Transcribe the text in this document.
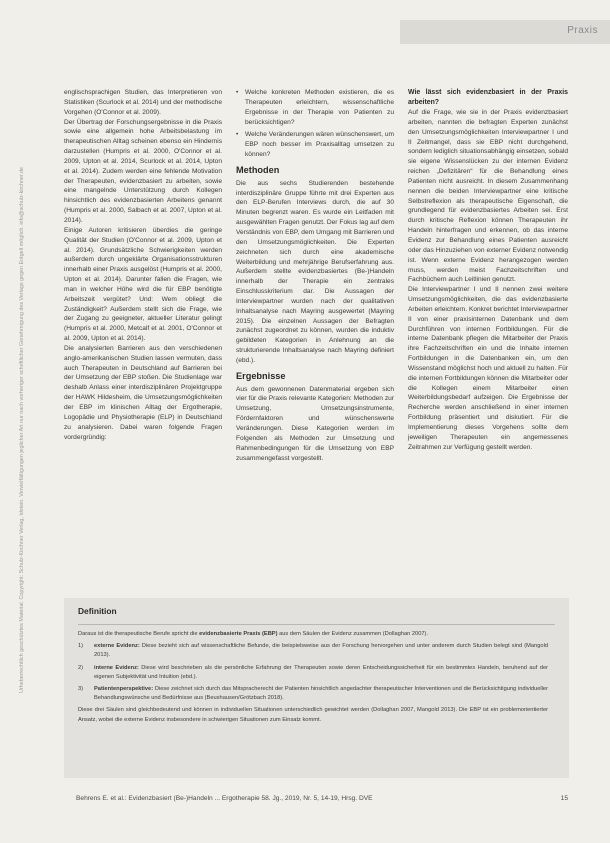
Praxis
Urheberrechtlich geschütztes Material. Copyright: Schulz-Kirchner Verlag, Idstein. Vervielfältigungen jeglicher Art nur nach vorheriger schriftlicher Genehmigung des Verlags gegen Entgelt möglich. info@schulz-kirchner.de

englischsprachigen Studien, das Interpretieren von Statistiken (Scurlock et al. 2014) und der methodische Vorgehen (O'Connor et al. 2009).

Der Übertrag der Forschungsergebnisse in die Praxis sowie eine allgemein hohe Arbeitsbelastung im therapeutischen Alltag scheinen ebenso ein Hindernis darzustellen (Humpris et al. 2000, O'Connor et al. 2009, Upton et al. 2014, Scurlock et al. 2014, Upton et al. 2014). Zudem werden eine fehlende Motivation der Therapeuten, evidenzbasiert zu arbeiten, sowie eine mangelnde Unterstützung durch Kollegen hinsichtlich des evidenzbasierten Arbeitens genannt (Humpris et al. 2000, Salbach et al. 2007, Upton et al. 2014).

Einige Autoren kritisieren überdies die geringe Qualität der Studien (O'Connor et al. 2009, Upton et al. 2014). Grundsätzliche Schwierigkeiten werden außerdem durch ungeklärte Organisationsstrukturen innerhalb einer Praxis ausgelöst (Humpris et al. 2000, Upton et al. 2014). Darunter fallen die Fragen, wie man in welcher Höhe wird die für EBP benötigte Arbeitszeit vergütet? Und: Wem obliegt die Zuständigkeit? Außerdem stellt sich die Frage, wie der Zugang zu geeigneter, aktueller Literatur gelingt (Humpris et al. 2000, Metcalf et al. 2001, O'Connor et al. 2009, Upton et al. 2014).

Die analysierten Barrieren aus den verschiedenen anglo-amerikanischen Studien lassen vermuten, dass auch Therapeuten in Deutschland auf Barrieren bei der Umsetzung der EBP stoßen. Die Studienlage war deshalb Anlass einer interdisziplinären Projektgruppe der HAWK Hildesheim, die Umsetzungsmöglichkeiten der EBP im klinischen Alltag der Ergotherapie, Logopädie und Physiotherapie (ELP) in Deutschland zu analysieren. Dabei waren folgende Fragen vordergründig:

• Welche konkreten Methoden existieren, die es Therapeuten erleichtern, wissenschaftliche Ergebnisse in der Therapie von Patienten zu berücksichtigen?
• Welche Veränderungen wären wünschenswert, um EBP noch besser im Praxisalltag umsetzen zu können?
Methoden

Die aus sechs Studierenden bestehende interdisziplinäre Gruppe führte mit drei Experten aus den ELP-Berufen Interviews durch, die auf 30 Minuten begrenzt waren. Es wurde ein Leitfaden mit ausgewählten Fragen genutzt. Der Fokus lag auf dem Verständnis von EBP, dem Umgang mit Barrieren und den Umsetzungsmöglichkeiten. Die Experten zeichneten sich durch eine akademische Weiterbildung und mehrjährige Berufserfahrung aus. Außerdem stellte evidenzbasiertes (Be-)Handeln innerhalb der Therapie ein zentrales Einschlusskriterium dar. Die Aussagen der Interviewpartner wurden nach der qualitativen Inhaltsanalyse nach Mayring ausgewertet (Mayring 2015). Die einzelnen Aussagen der Befragten zunächst zugeordnet zu können, wurden die induktiv gebildeten Kategorien in Anlehnung an die strukturierende Inhaltsanalyse nach Mayring definiert (ebd.).

Ergebnisse

Aus dem gewonnenen Datenmaterial ergeben sich vier für die Praxis relevante Kategorien: Methoden zur Umsetzung, Umsetzungsinstrumente, Fördernfaktoren und wünschenswerte Veränderungen. Diese Kategorien werden im Folgenden als Methoden zur Umsetzung und Rahmenbedingungen für die Umsetzung von EBP zusammengefasst vorgestellt.

Wie lässt sich evidenzbasiert in der Praxis arbeiten?

Auf die Frage, wie sie in der Praxis evidenzbasiert arbeiten, nannten die befragten Experten zunächst den Umsetzungsmöglichkeiten Interviewpartner I und II Zeitmangel, dass sie EBP nicht durchgehend, sondern lediglich situationsabhängig einsetzen, sobald sie eigene Wissenslücken zu der internen Evidenz reichen „Defizitären“ für die Behandlung eines Patienten nicht ausreicht. In diesem Zusammenhang nennen die beiden Interviewpartner eine kritische Selbstreflexion als therapeutische Eigenschaft, die grundlegend für evidenzbasiertes Arbeiten sei. Erst durch kritische Reflexion können Therapeuten ihr Handeln hinterfragen und erkennen, ob das interne Evidenz zur Behandlung eines Patienten ausreicht oder das Hinzuziehen von externer Evidenz notwendig ist. Wenn externe Evidenz herangezogen werden muss, werden meist Fachzeitschriften und Fachbüchern auch Leitlinien genutzt.

Die Interviewpartner I und II nennen zwei weitere Umsetzungsmöglichkeiten, die das evidenzbasierte Arbeiten erleichtern. Konkret berichtet Interviewpartner II von einer praxisinternen Datenbank und dem Durchführen von internen Fortbildungen. Für die interne Datenbank pflegen die Mitarbeiter der Praxis ihre Fachzeitschriften ein und die Inhalte internen Fortbildungen in die Datenbanken ein, um den Wissenstand möglichst hoch und aktuell zu halten. Für die internen Fortbildungen können die Mitarbeiter oder die Kollegen einem Mitarbeiter einen Weiterbildungsbedarf aufzeigen. Die Ergebnisse der Recherche werden anschließend in einer internen Fortbildung präsentiert und diskutiert. Für die Implementierung dieses Vorgehens sollte dem jeweiligen Therapeuten ein angemessenes Zeitrahmen zur Verfügung gestellt werden.

Definition

Daraus ist die therapeutische Berufe spricht die evidenzbasierte Praxis (EBP) aus dem Säulen der Evidenz zusammen (Dollaghan 2007).

1) externe Evidenz: Diese bezieht sich auf wissenschaftliche Befunde, die beispielsweise aus der Forschung hervorgehen und unter anderem durch Studien belegt sind (Mangold 2013).
2) interne Evidenz: Diese wird beschrieben als die persönliche Erfahrung der Therapeuten sowie deren Entscheidungssicherheit für ein bestimmtes Handeln, beruhend auf der eigenen Subjektivität und Intuition (ebd.).
3) Patientenperspektive: Diese zeichnet sich durch das Mitspracherecht der Patienten hinsichtlich angedachter therapeutischer Interventionen und die Berücksichtigung individueller Behandlungswünsche und Bedürfnisse aus (Beushausen/Grötzbach 2018).

Diese drei Säulen sind gleichbedeutend und können in individuellen Situationen unterschiedlich gewichtet werden (Dollaghan 2007, Mangold 2013). Die EBP ist ein problemorientierter Ansatz, wobei die externe Evidenz insbesondere in schwierigen Situationen zum Einsatz kommt.

Behrens E. et al.: Evidenzbasiert (Be-)Handeln ... Ergotherapie 58. Jg., 2019, Nr. 5, 14-19, Hrsg. DVE	15
